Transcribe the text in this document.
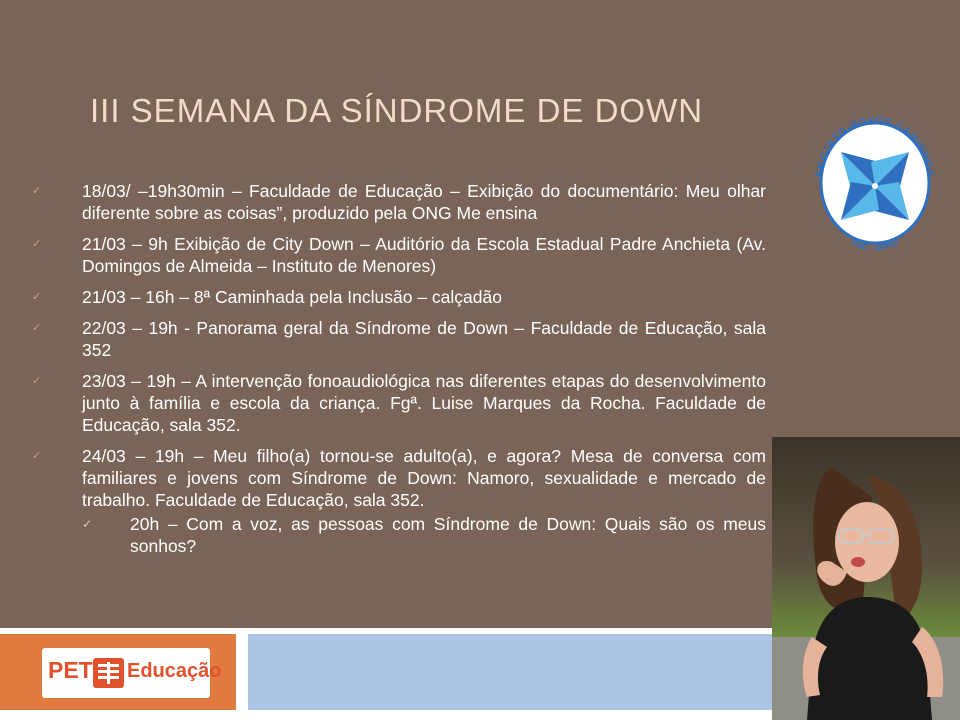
III SEMANA DA SÍNDROME DE DOWN
✓ 18/03/ –19h30min – Faculdade de Educação – Exibição do documentário: Meu olhar diferente sobre as coisas”, produzido pela ONG Me ensina
✓ 21/03 – 9h Exibição de City Down – Auditório da Escola Estadual Padre Anchieta (Av. Domingos de Almeida – Instituto de Menores)
✓ 21/03 – 16h – 8ª Caminhada pela Inclusão – calçadão
✓ 22/03 – 19h - Panorama geral da Síndrome de Down – Faculdade de Educação, sala 352
✓ 23/03 – 19h – A intervenção fonoaudiológica nas diferentes etapas do desenvolvimento junto à família e escola da criança. Fgª. Luise Marques da Rocha. Faculdade de Educação, sala 352.
✓ 24/03 – 19h – Meu filho(a) tornou-se adulto(a), e agora? Mesa de conversa com familiares e jovens com Síndrome de Down: Namoro, sexualidade e mercado de trabalho. Faculdade de Educação, sala 352.
✓ 20h – Com a voz, as pessoas com Síndrome de Down: Quais são os meus sonhos?
PROJETO NOVOS CAMINHOS
FaE - UFPel
PET Educação
